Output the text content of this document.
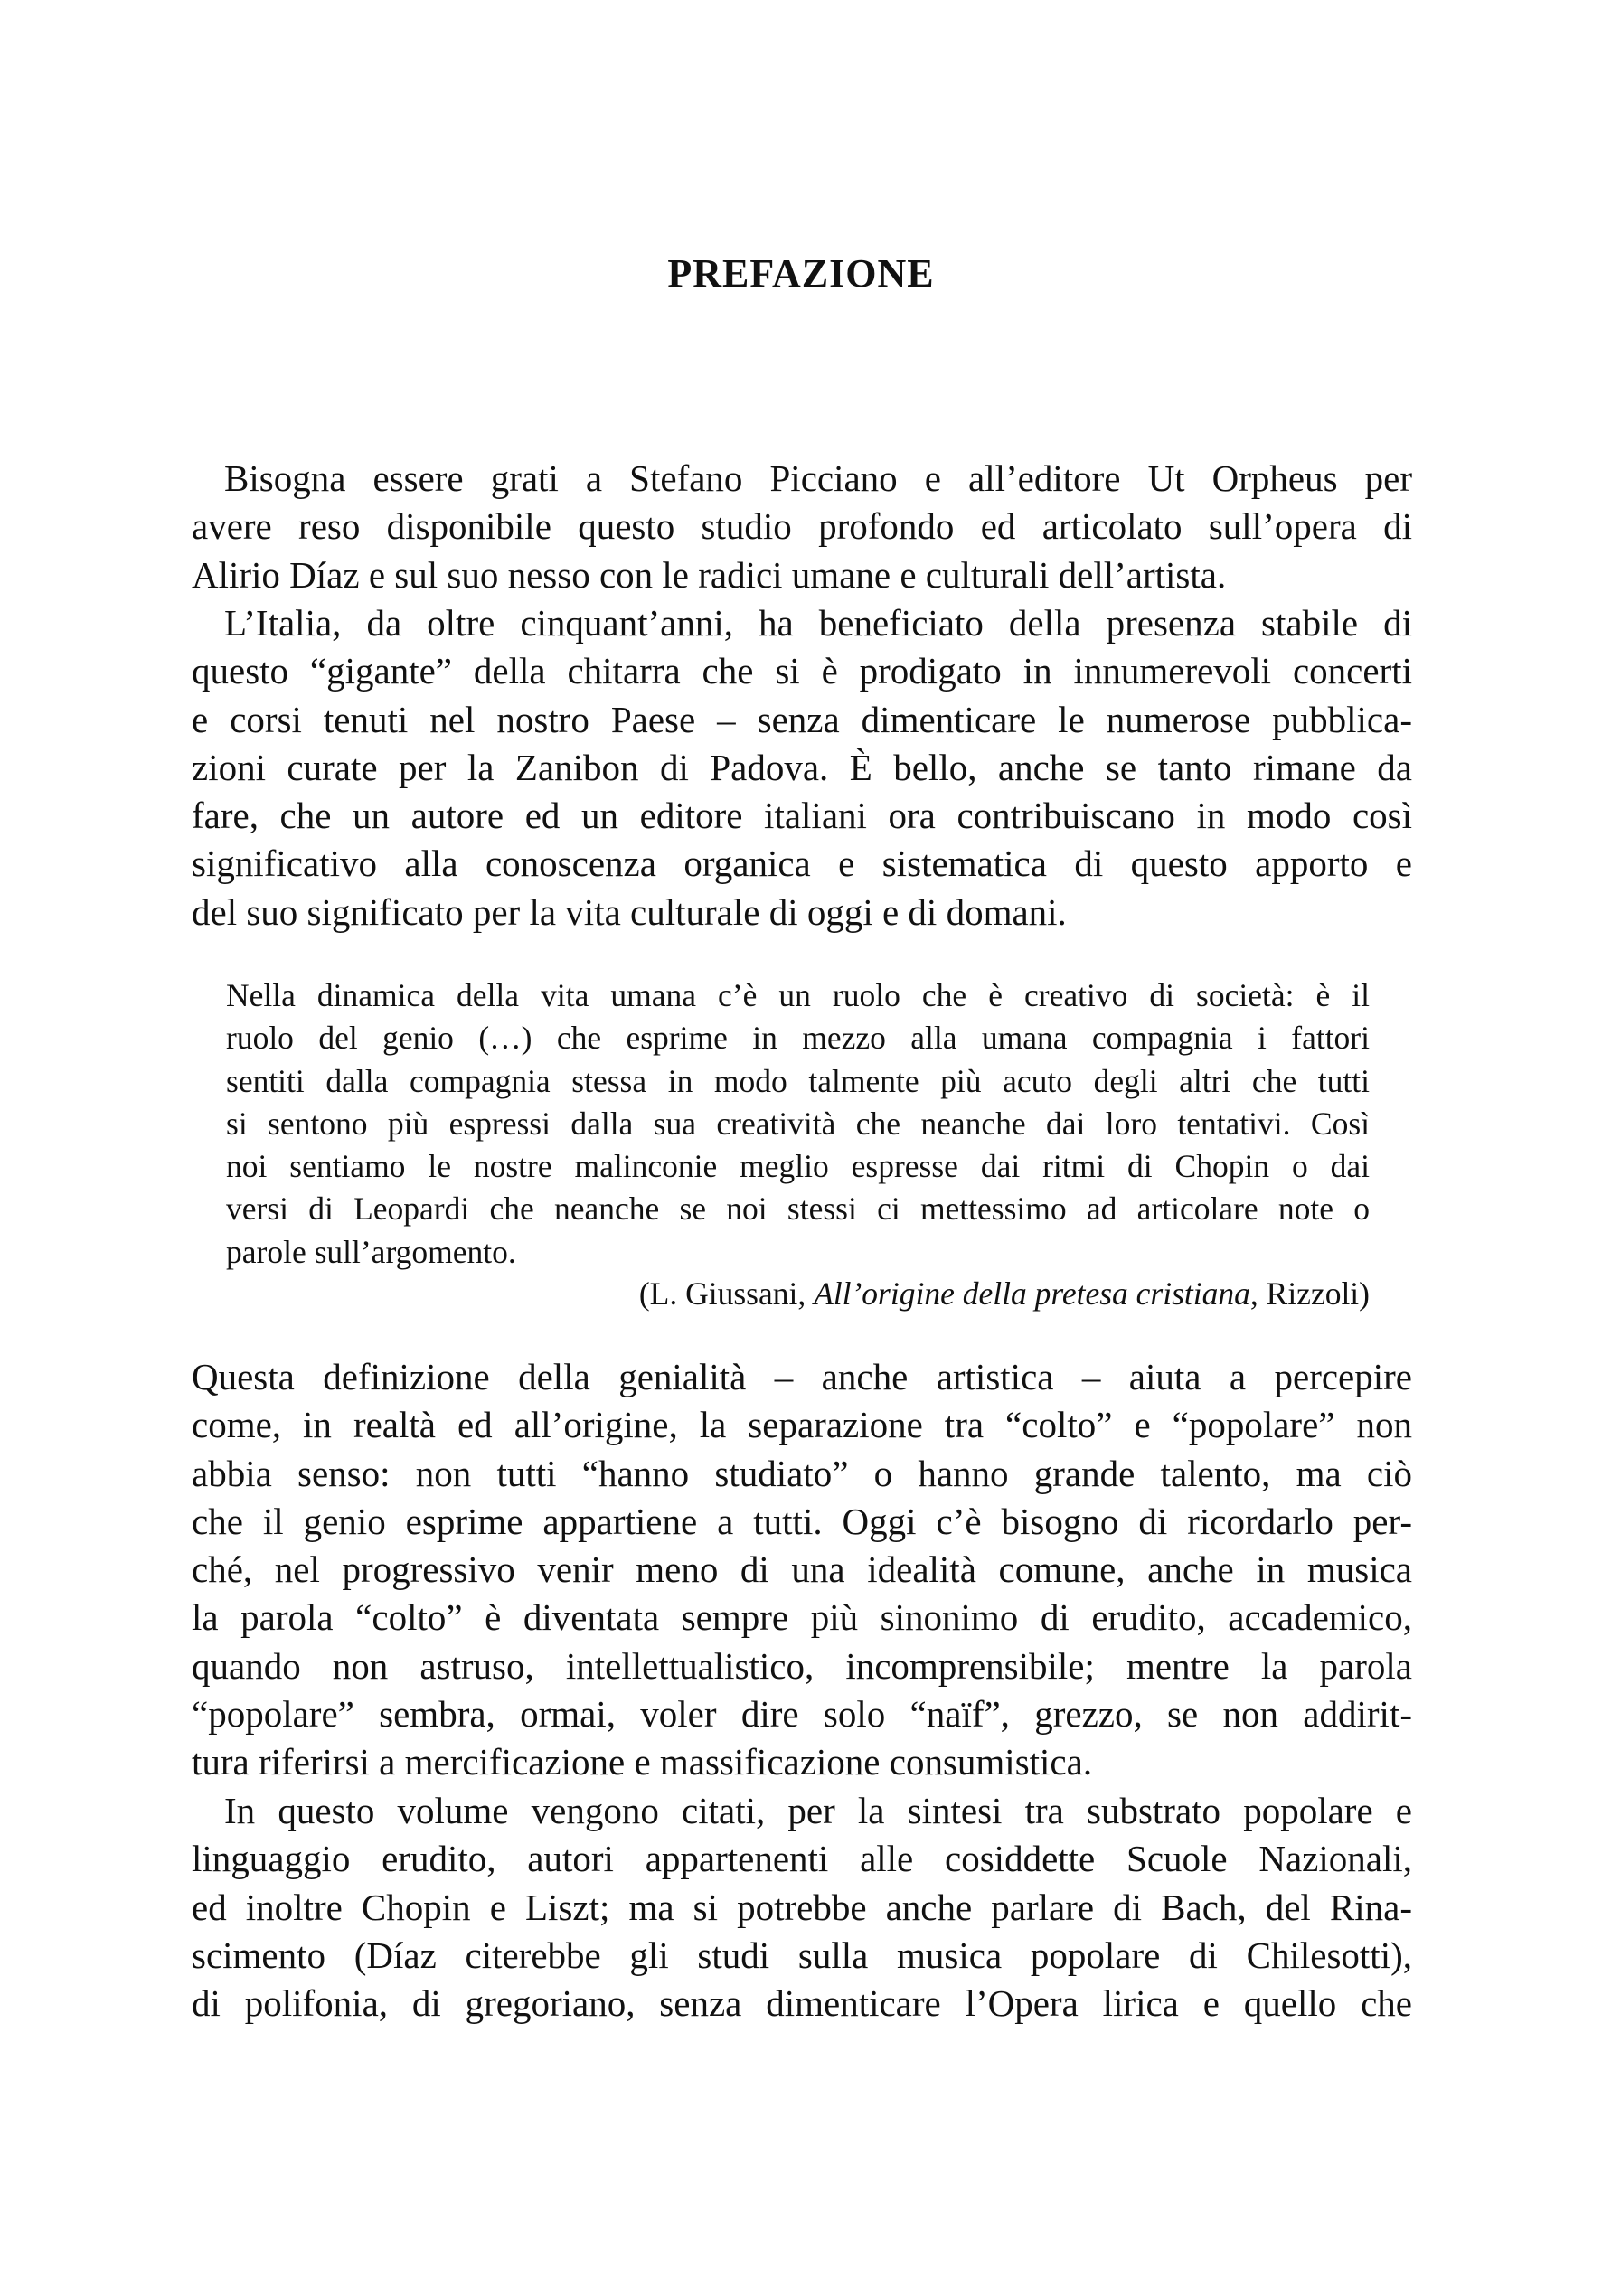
PREFAZIONE
Bisogna essere grati a Stefano Picciano e all’editore Ut Orpheus per
avere reso disponibile questo studio profondo ed articolato sull’opera di
Alirio Díaz e sul suo nesso con le radici umane e culturali dell’artista.
L’Italia, da oltre cinquant’anni, ha beneficiato della presenza stabile di
questo “gigante” della chitarra che si è prodigato in innumerevoli concerti
e corsi tenuti nel nostro Paese – senza dimenticare le numerose pubblica-
zioni curate per la Zanibon di Padova. È bello, anche se tanto rimane da
fare, che un autore ed un editore italiani ora contribuiscano in modo così
significativo alla conoscenza organica e sistematica di questo apporto e
del suo significato per la vita culturale di oggi e di domani.
Nella dinamica della vita umana c’è un ruolo che è creativo di società: è il
ruolo del genio (…) che esprime in mezzo alla umana compagnia i fattori
sentiti dalla compagnia stessa in modo talmente più acuto degli altri che tutti
si sentono più espressi dalla sua creatività che neanche dai loro tentativi. Così
noi sentiamo le nostre malinconie meglio espresse dai ritmi di Chopin o dai
versi di Leopardi che neanche se noi stessi ci mettessimo ad articolare note o
parole sull’argomento.
(L. Giussani, All’origine della pretesa cristiana, Rizzoli)
Questa definizione della genialità – anche artistica – aiuta a percepire
come, in realtà ed all’origine, la separazione tra “colto” e “popolare” non
abbia senso: non tutti “hanno studiato” o hanno grande talento, ma ciò
che il genio esprime appartiene a tutti. Oggi c’è bisogno di ricordarlo per-
ché, nel progressivo venir meno di una idealità comune, anche in musica
la parola “colto” è diventata sempre più sinonimo di erudito, accademico,
quando non astruso, intellettualistico, incomprensibile; mentre la parola
“popolare” sembra, ormai, voler dire solo “naïf”, grezzo, se non addirit-
tura riferirsi a mercificazione e massificazione consumistica.
In questo volume vengono citati, per la sintesi tra substrato popolare e
linguaggio erudito, autori appartenenti alle cosiddette Scuole Nazionali,
ed inoltre Chopin e Liszt; ma si potrebbe anche parlare di Bach, del Rina-
scimento (Díaz citerebbe gli studi sulla musica popolare di Chilesotti),
di polifonia, di gregoriano, senza dimenticare l’Opera lirica e quello che
